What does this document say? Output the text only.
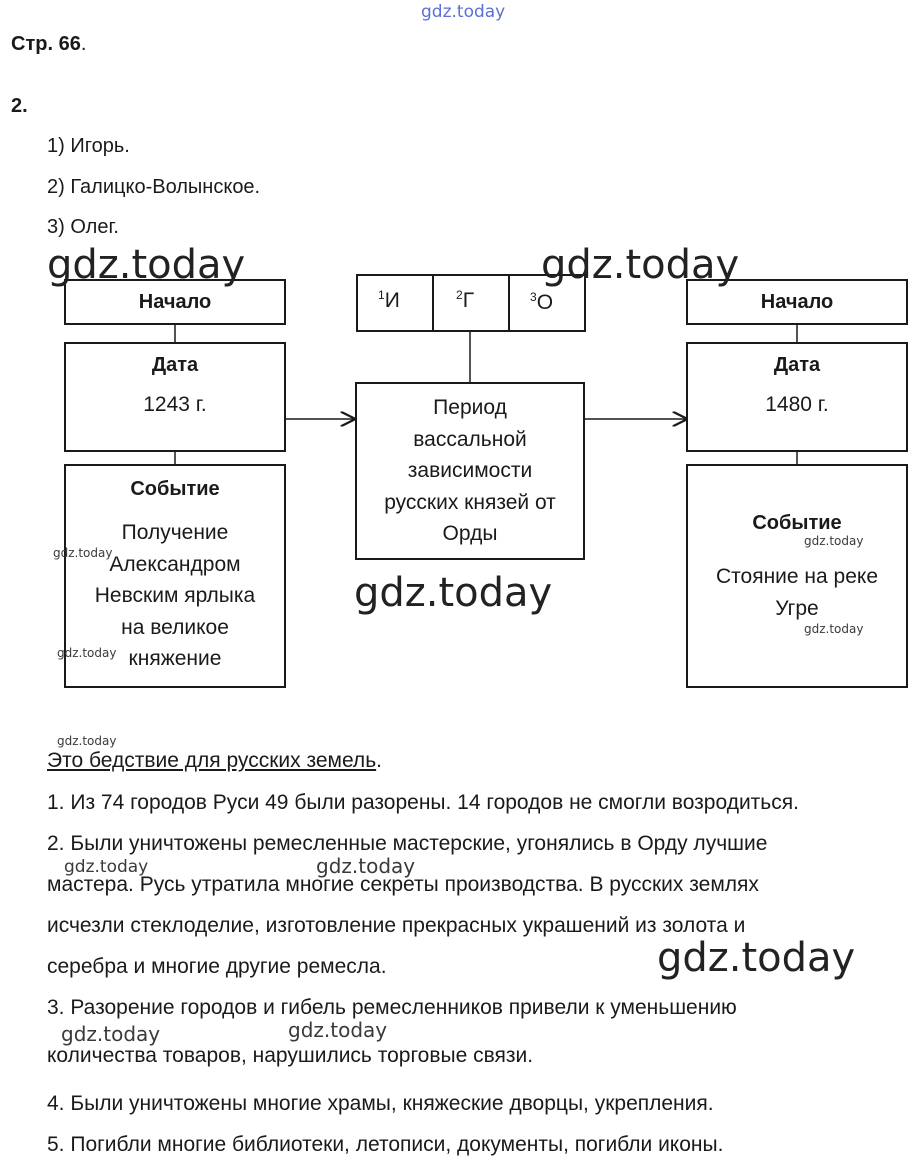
gdz.today
Стр. 66.
2.
1) Игорь.
2) Галицко-Волынское.
3) Олег.
Начало
Дата
1243 г.
Событие
Получение
Александром
Невским ярлыка
на великое
княжение
$^1$И	$^2$Г	$^3$О
Период
вассальной
зависимости
русских князей от
Орды
Начало
Дата
1480 г.
Событие
Стояние на реке
Угре
Это бедствие для русских земель.
1. Из 74 городов Руси 49 были разорены. 14 городов не смогли возродиться.
2. Были уничтожены ремесленные мастерские, угонялись в Орду лучшие
мастера. Русь утратила многие секреты производства. В русских землях
исчезли стеклоделие, изготовление прекрасных украшений из золота и
серебра и многие другие ремесла.
3. Разорение городов и гибель ремесленников привели к уменьшению
количества товаров, нарушились торговые связи.
4. Были уничтожены многие храмы, княжеские дворцы, укрепления.
5. Погибли многие библиотеки, летописи, документы, погибли иконы.
gdz.today	gdz.today
gdz.today
gdz.today
gdz.today
gdz.today
gdz.today
gdz.today
gdz.today
gdz.today	gdz.today
gdz.today	gdz.today
